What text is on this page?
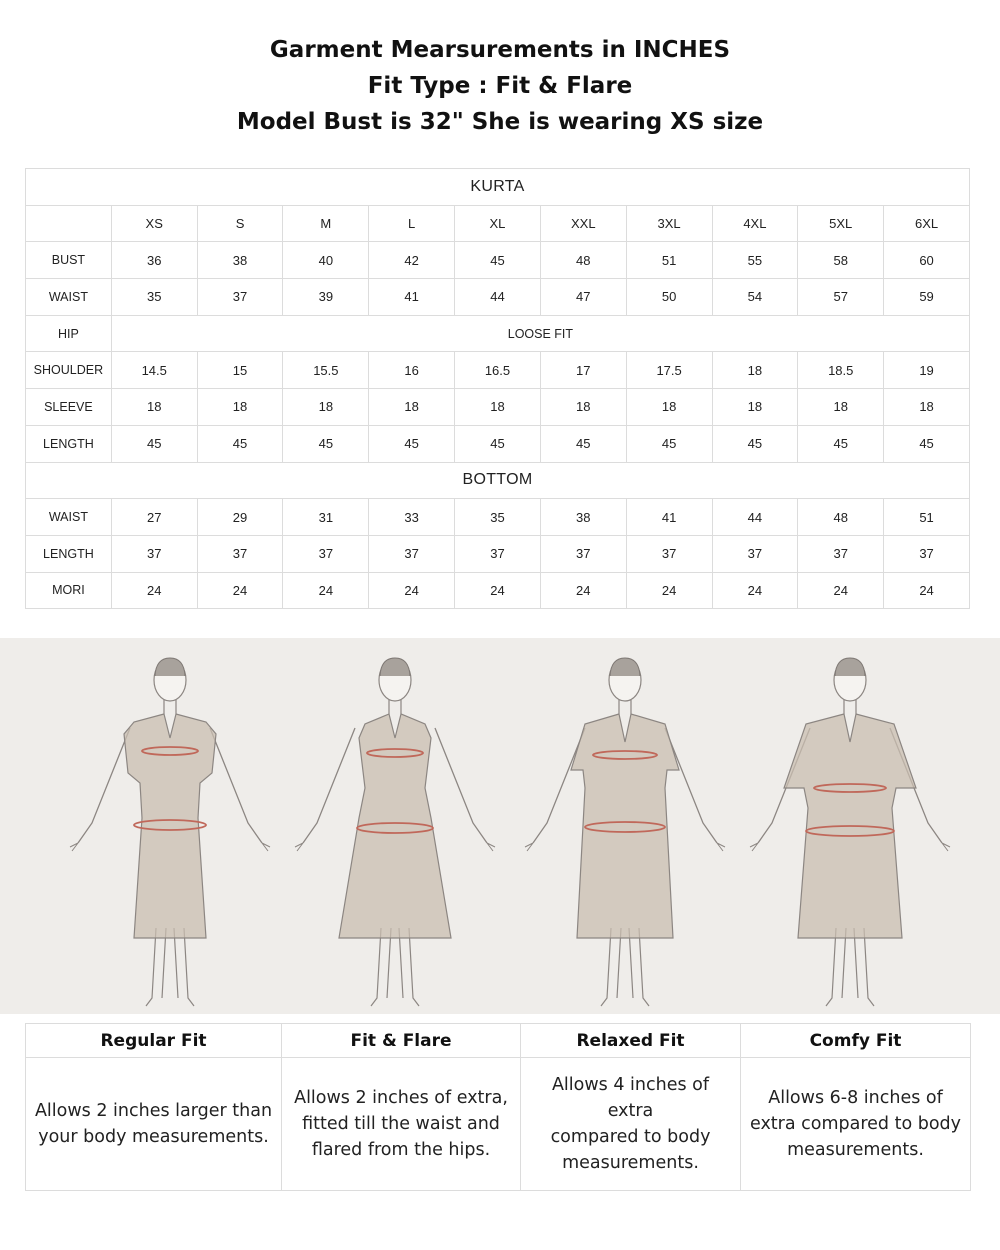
Garment Mearsurements in INCHES
Fit Type : Fit & Flare
Model Bust is 32" She is wearing XS size
KURTA										
	XS	S	M	L	XL	XXL	3XL	4XL	5XL	6XL
BUST	36	38	40	42	45	48	51	55	58	60
WAIST	35	37	39	41	44	47	50	54	57	59
HIP	LOOSE FIT									
SHOULDER	14.5	15	15.5	16	16.5	17	17.5	18	18.5	19
SLEEVE	18	18	18	18	18	18	18	18	18	18
LENGTH	45	45	45	45	45	45	45	45	45	45
BOTTOM										
WAIST	27	29	31	33	35	38	41	44	48	51
LENGTH	37	37	37	37	37	37	37	37	37	37
MORI	24	24	24	24	24	24	24	24	24	24
Regular Fit	Fit & Flare	Relaxed Fit	Comfy Fit

Allows 2 inches larger than
your body measurements.	Allows 2 inches of extra,
fitted till the waist and
flared from the hips.	Allows 4 inches of extra
compared to body
measurements.	Allows 6-8 inches of
extra compared to body
measurements.
